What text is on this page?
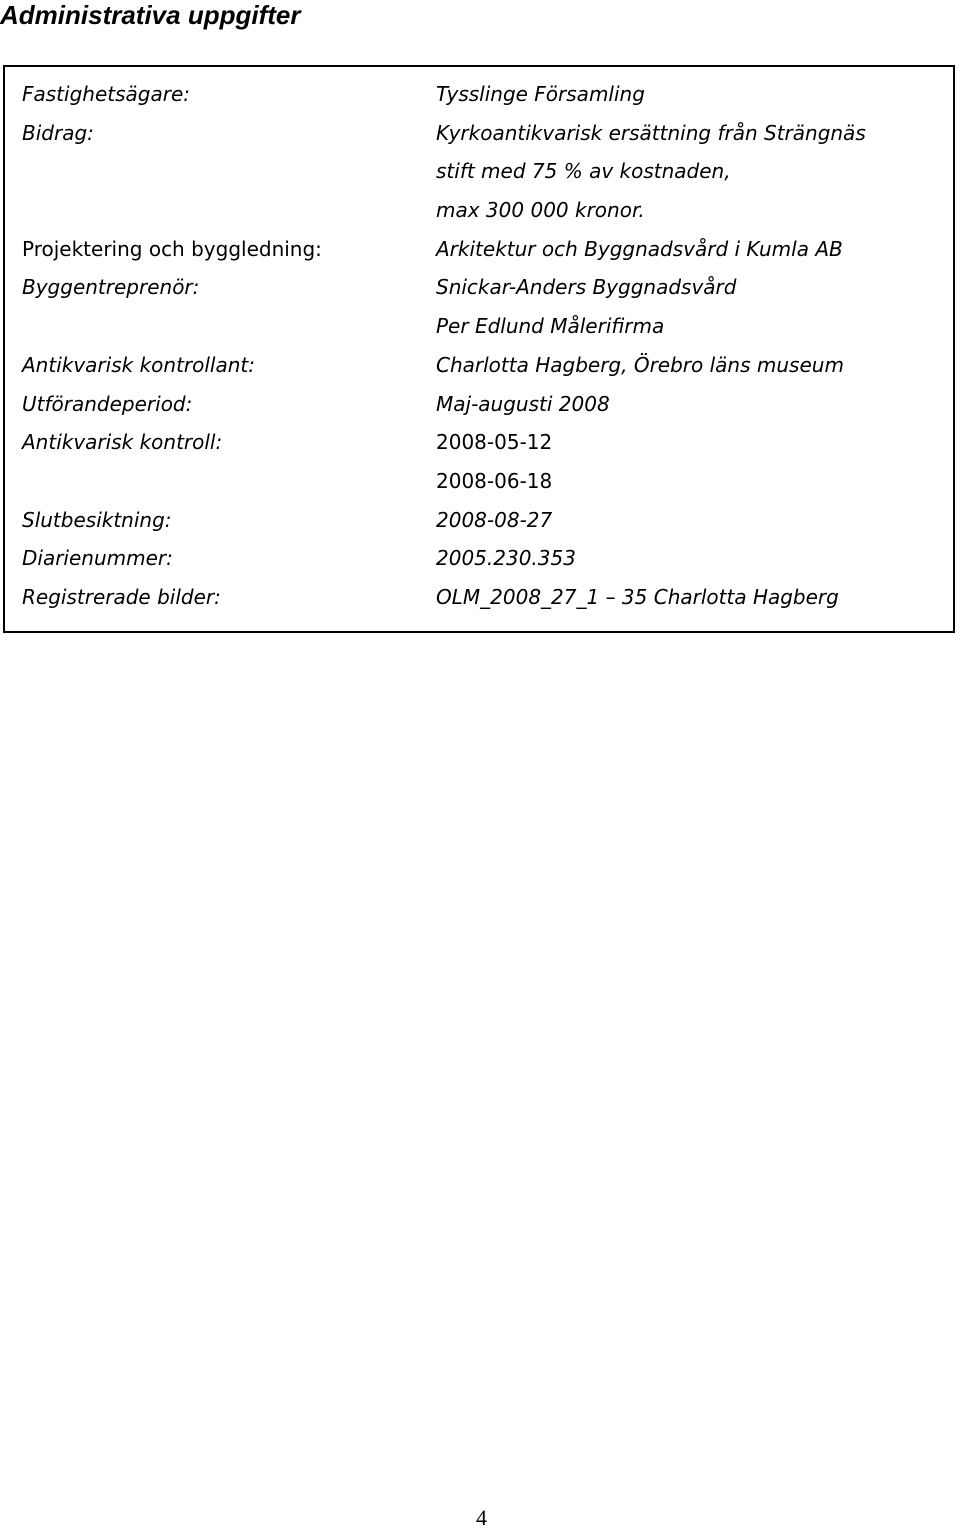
Administrativa uppgifter
Fastighetsägare:	Tysslinge Församling
Bidrag:	Kyrkoantikvarisk ersättning från Strängnäs
stift med 75 % av kostnaden,
max 300 000 kronor.
Projektering och byggledning:	Arkitektur och Byggnadsvård i Kumla AB
Byggentreprenör:	Snickar-Anders Byggnadsvård
Per Edlund Målerifirma
Antikvarisk kontrollant:	Charlotta Hagberg, Örebro läns museum
Utförandeperiod:	Maj-augusti 2008
Antikvarisk kontroll:	2008-05-12
2008-06-18
Slutbesiktning:	2008-08-27
Diarienummer:	2005.230.353
Registrerade bilder:	OLM_2008_27_1 – 35 Charlotta Hagberg
4
